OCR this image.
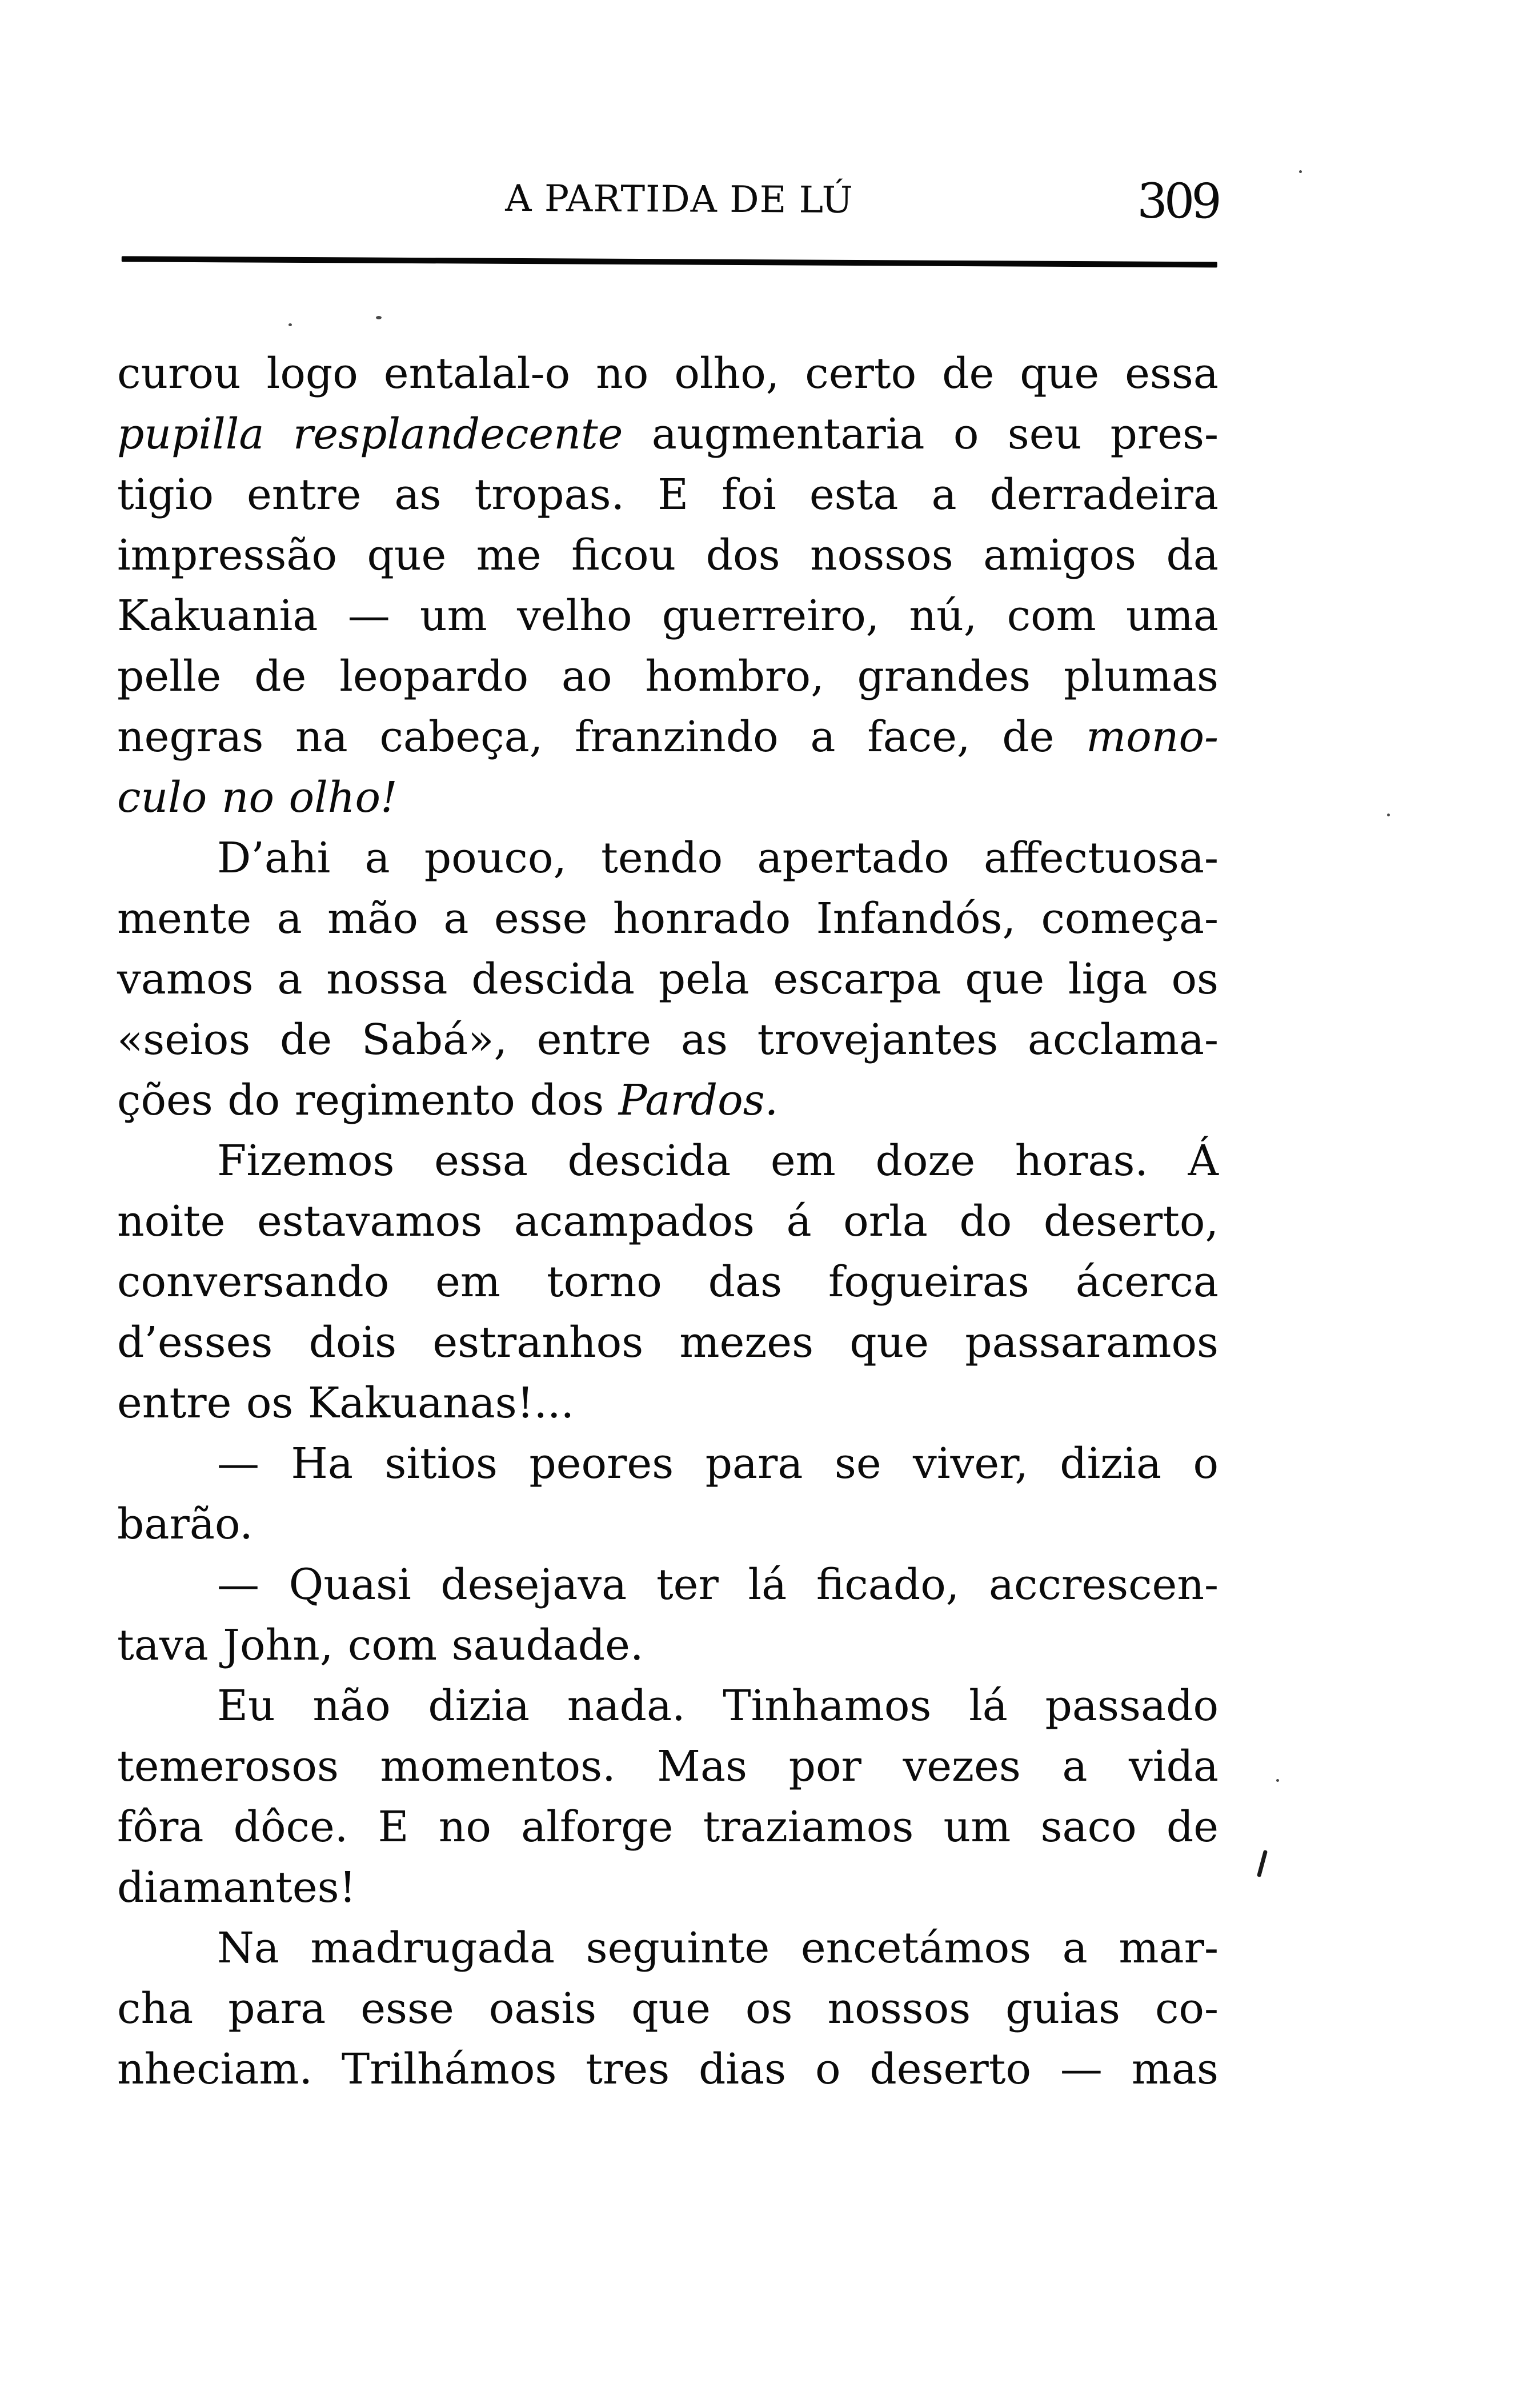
A PARTIDA DE LÚ	309
curou logo entalal-o no olho, certo de que essa
pupilla resplandecente augmentaria o seu pres-
tigio entre as tropas. E foi esta a derradeira
impressão que me ficou dos nossos amigos da
Kakuania — um velho guerreiro, nú, com uma
pelle de leopardo ao hombro, grandes plumas
negras na cabeça, franzindo a face, de mono-
culo no olho!
D’ahi a pouco, tendo apertado affectuosa-
mente a mão a esse honrado Infandós, começa-
vamos a nossa descida pela escarpa que liga os
«seios de Sabá», entre as trovejantes acclama-
ções do regimento dos Pardos.
Fizemos essa descida em doze horas. Á
noite estavamos acampados á orla do deserto,
conversando em torno das fogueiras ácerca
d’esses dois estranhos mezes que passaramos
entre os Kakuanas!...
— Ha sitios peores para se viver, dizia o
barão.
— Quasi desejava ter lá ficado, accrescen-
tava John, com saudade.
Eu não dizia nada. Tinhamos lá passado
temerosos momentos. Mas por vezes a vida
fôra dôce. E no alforge traziamos um saco de
diamantes!
Na madrugada seguinte encetámos a mar-
cha para esse oasis que os nossos guias co-
nheciam. Trilhámos tres dias o deserto — mas
